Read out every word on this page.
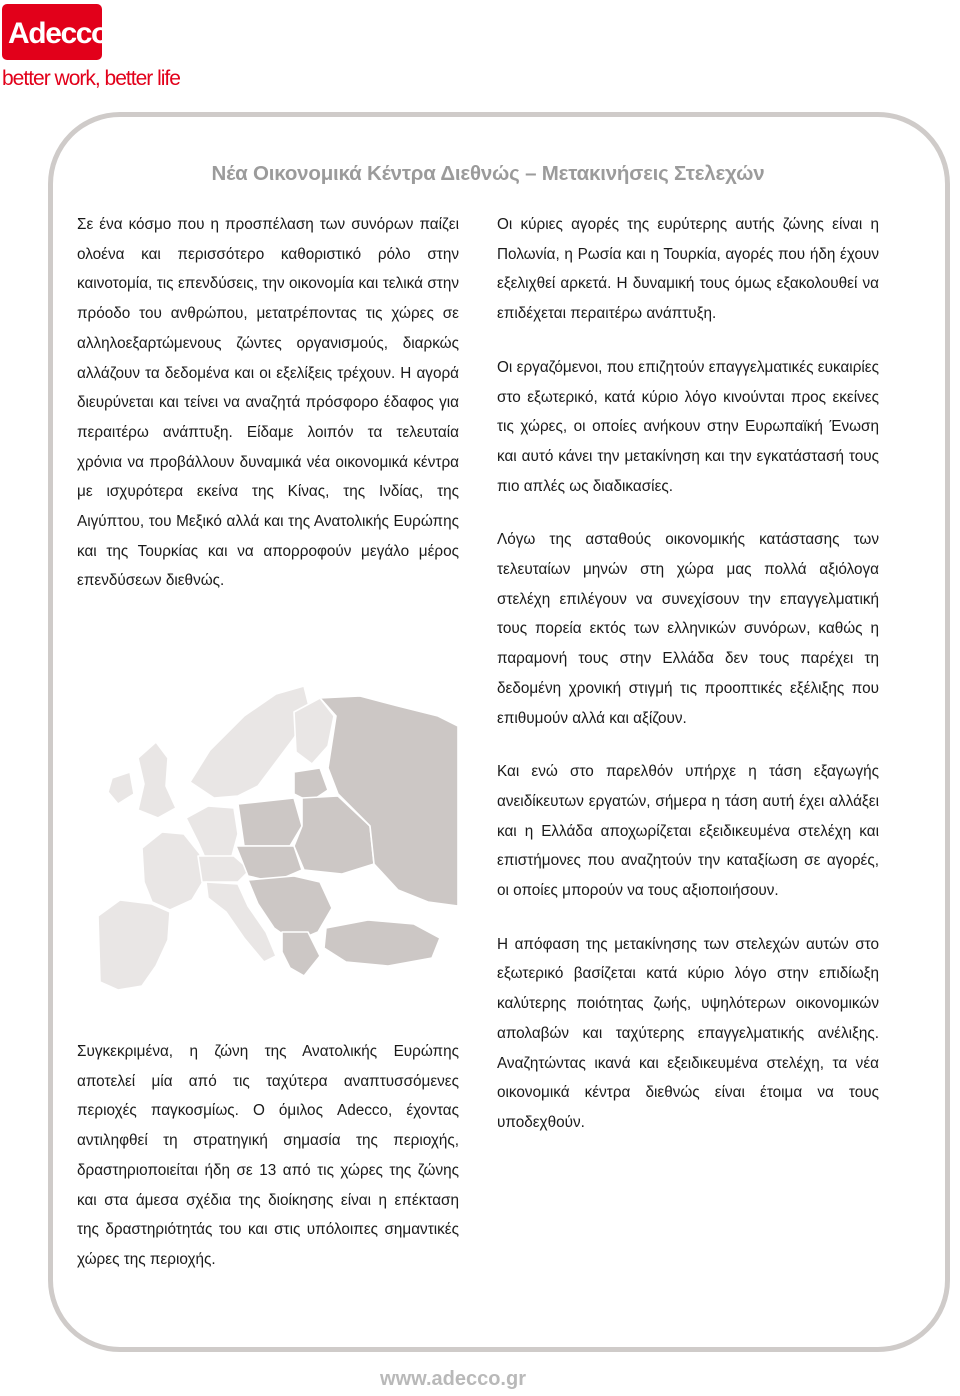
Adecco
better work, better life
Νέα Οικονομικά Κέντρα Διεθνώς – Μετακινήσεις Στελεχών

Σε ένα κόσμο που η προσπέλαση των συνόρων παίζει ολοένα και περισσότερο καθοριστικό ρόλο στην καινοτομία, τις επενδύσεις, την οικονομία και τελικά στην πρόοδο του ανθρώπου, μετατρέποντας τις χώρες σε αλληλοεξαρτώμενους ζώντες οργανισμούς, διαρκώς αλλάζουν τα δεδομένα και οι εξελίξεις τρέχουν. Η αγορά διευρύνεται και τείνει να αναζητά πρόσφορο έδαφος για περαιτέρω ανάπτυξη. Είδαμε λοιπόν τα τελευταία χρόνια να προβάλλουν δυναμικά νέα οικονομικά κέντρα με ισχυρότερα εκείνα της Κίνας, της Ινδίας, της Αιγύπτου, του Μεξικό αλλά και της Ανατολικής Ευρώπης και της Τουρκίας και να απορροφούν μεγάλο μέρος επενδύσεων διεθνώς.

Συγκεκριμένα, η ζώνη της Ανατολικής Ευρώπης αποτελεί μία από τις ταχύτερα αναπτυσσόμενες περιοχές παγκοσμίως. Ο όμιλος Adecco, έχοντας αντιληφθεί τη στρατηγική σημασία της περιοχής, δραστηριοποιείται ήδη σε 13 από τις χώρες της ζώνης και στα άμεσα σχέδια της διοίκησης είναι η επέκταση της δραστηριότητάς του και στις υπόλοιπες σημαντικές χώρες της περιοχής.

Οι κύριες αγορές της ευρύτερης αυτής ζώνης είναι η Πολωνία, η Ρωσία και η Τουρκία, αγορές που ήδη έχουν εξελιχθεί αρκετά. Η δυναμική τους όμως εξακολουθεί να επιδέχεται περαιτέρω ανάπτυξη.

Οι εργαζόμενοι, που επιζητούν επαγγελματικές ευκαιρίες στο εξωτερικό, κατά κύριο λόγο κινούνται προς εκείνες τις χώρες, οι οποίες ανήκουν στην Ευρωπαϊκή Ένωση και αυτό κάνει την μετακίνηση και την εγκατάστασή τους πιο απλές ως διαδικασίες.

Λόγω της ασταθούς οικονομικής κατάστασης των τελευταίων μηνών στη χώρα μας πολλά αξιόλογα στελέχη επιλέγουν να συνεχίσουν την επαγγελματική τους πορεία εκτός των ελληνικών συνόρων, καθώς η παραμονή τους στην Ελλάδα δεν τους παρέχει τη δεδομένη χρονική στιγμή τις προοπτικές εξέλιξης που επιθυμούν αλλά και αξίζουν.

Και ενώ στο παρελθόν υπήρχε η τάση εξαγωγής ανειδίκευτων εργατών, σήμερα η τάση αυτή έχει αλλάξει και η Ελλάδα αποχωρίζεται εξειδικευμένα στελέχη και επιστήμονες που αναζητούν την καταξίωση σε αγορές, οι οποίες μπορούν να τους αξιοποιήσουν.

Η απόφαση της μετακίνησης των στελεχών αυτών στο εξωτερικό βασίζεται κατά κύριο λόγο στην επιδίωξη καλύτερης ποιότητας ζωής, υψηλότερων οικονομικών απολαβών και ταχύτερης επαγγελματικής ανέλιξης. Αναζητώντας ικανά και εξειδικευμένα στελέχη, τα νέα οικονομικά κέντρα διεθνώς είναι έτοιμα να τους υποδεχθούν.

www.adecco.gr
